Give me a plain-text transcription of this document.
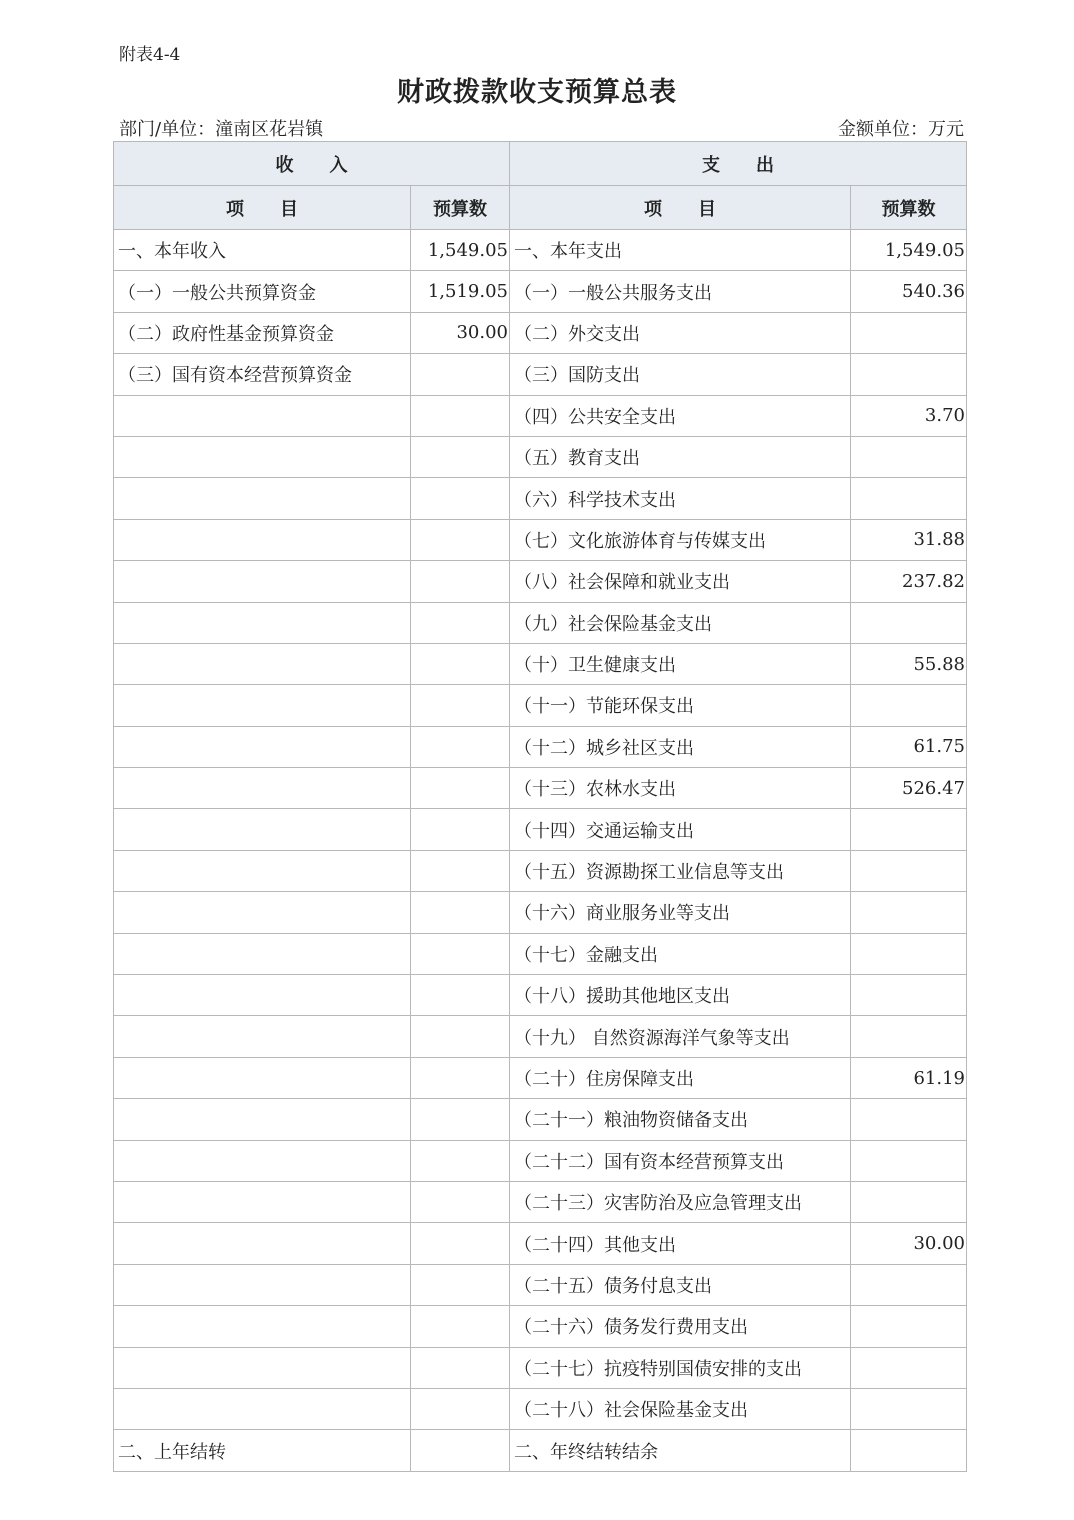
附表4-4
财政拨款收支预算总表
部门/单位：潼南区花岩镇	金额单位：万元
收　　入		支　　出	
项　　目	预算数	项　　目	预算数
一、本年收入	1,549.05	一、本年支出	1,549.05
（一）一般公共预算资金	1,519.05	（一）一般公共服务支出	540.36
（二）政府性基金预算资金	30.00	（二）外交支出	
（三）国有资本经营预算资金		（三）国防支出	
		（四）公共安全支出	3.70
		（五）教育支出	
		（六）科学技术支出	
		（七）文化旅游体育与传媒支出	31.88
		（八）社会保障和就业支出	237.82
		（九）社会保险基金支出	
		（十）卫生健康支出	55.88
		（十一）节能环保支出	
		（十二）城乡社区支出	61.75
		（十三）农林水支出	526.47
		（十四）交通运输支出	
		（十五）资源勘探工业信息等支出	
		（十六）商业服务业等支出	
		（十七）金融支出	
		（十八）援助其他地区支出	
		（十九） 自然资源海洋气象等支出	
		（二十）住房保障支出	61.19
		（二十一）粮油物资储备支出	
		（二十二）国有资本经营预算支出	
		（二十三）灾害防治及应急管理支出	
		（二十四）其他支出	30.00
		（二十五）债务付息支出	
		（二十六）债务发行费用支出	
		（二十七）抗疫特别国债安排的支出	
		（二十八）社会保险基金支出	
二、上年结转		二、年终结转结余	
